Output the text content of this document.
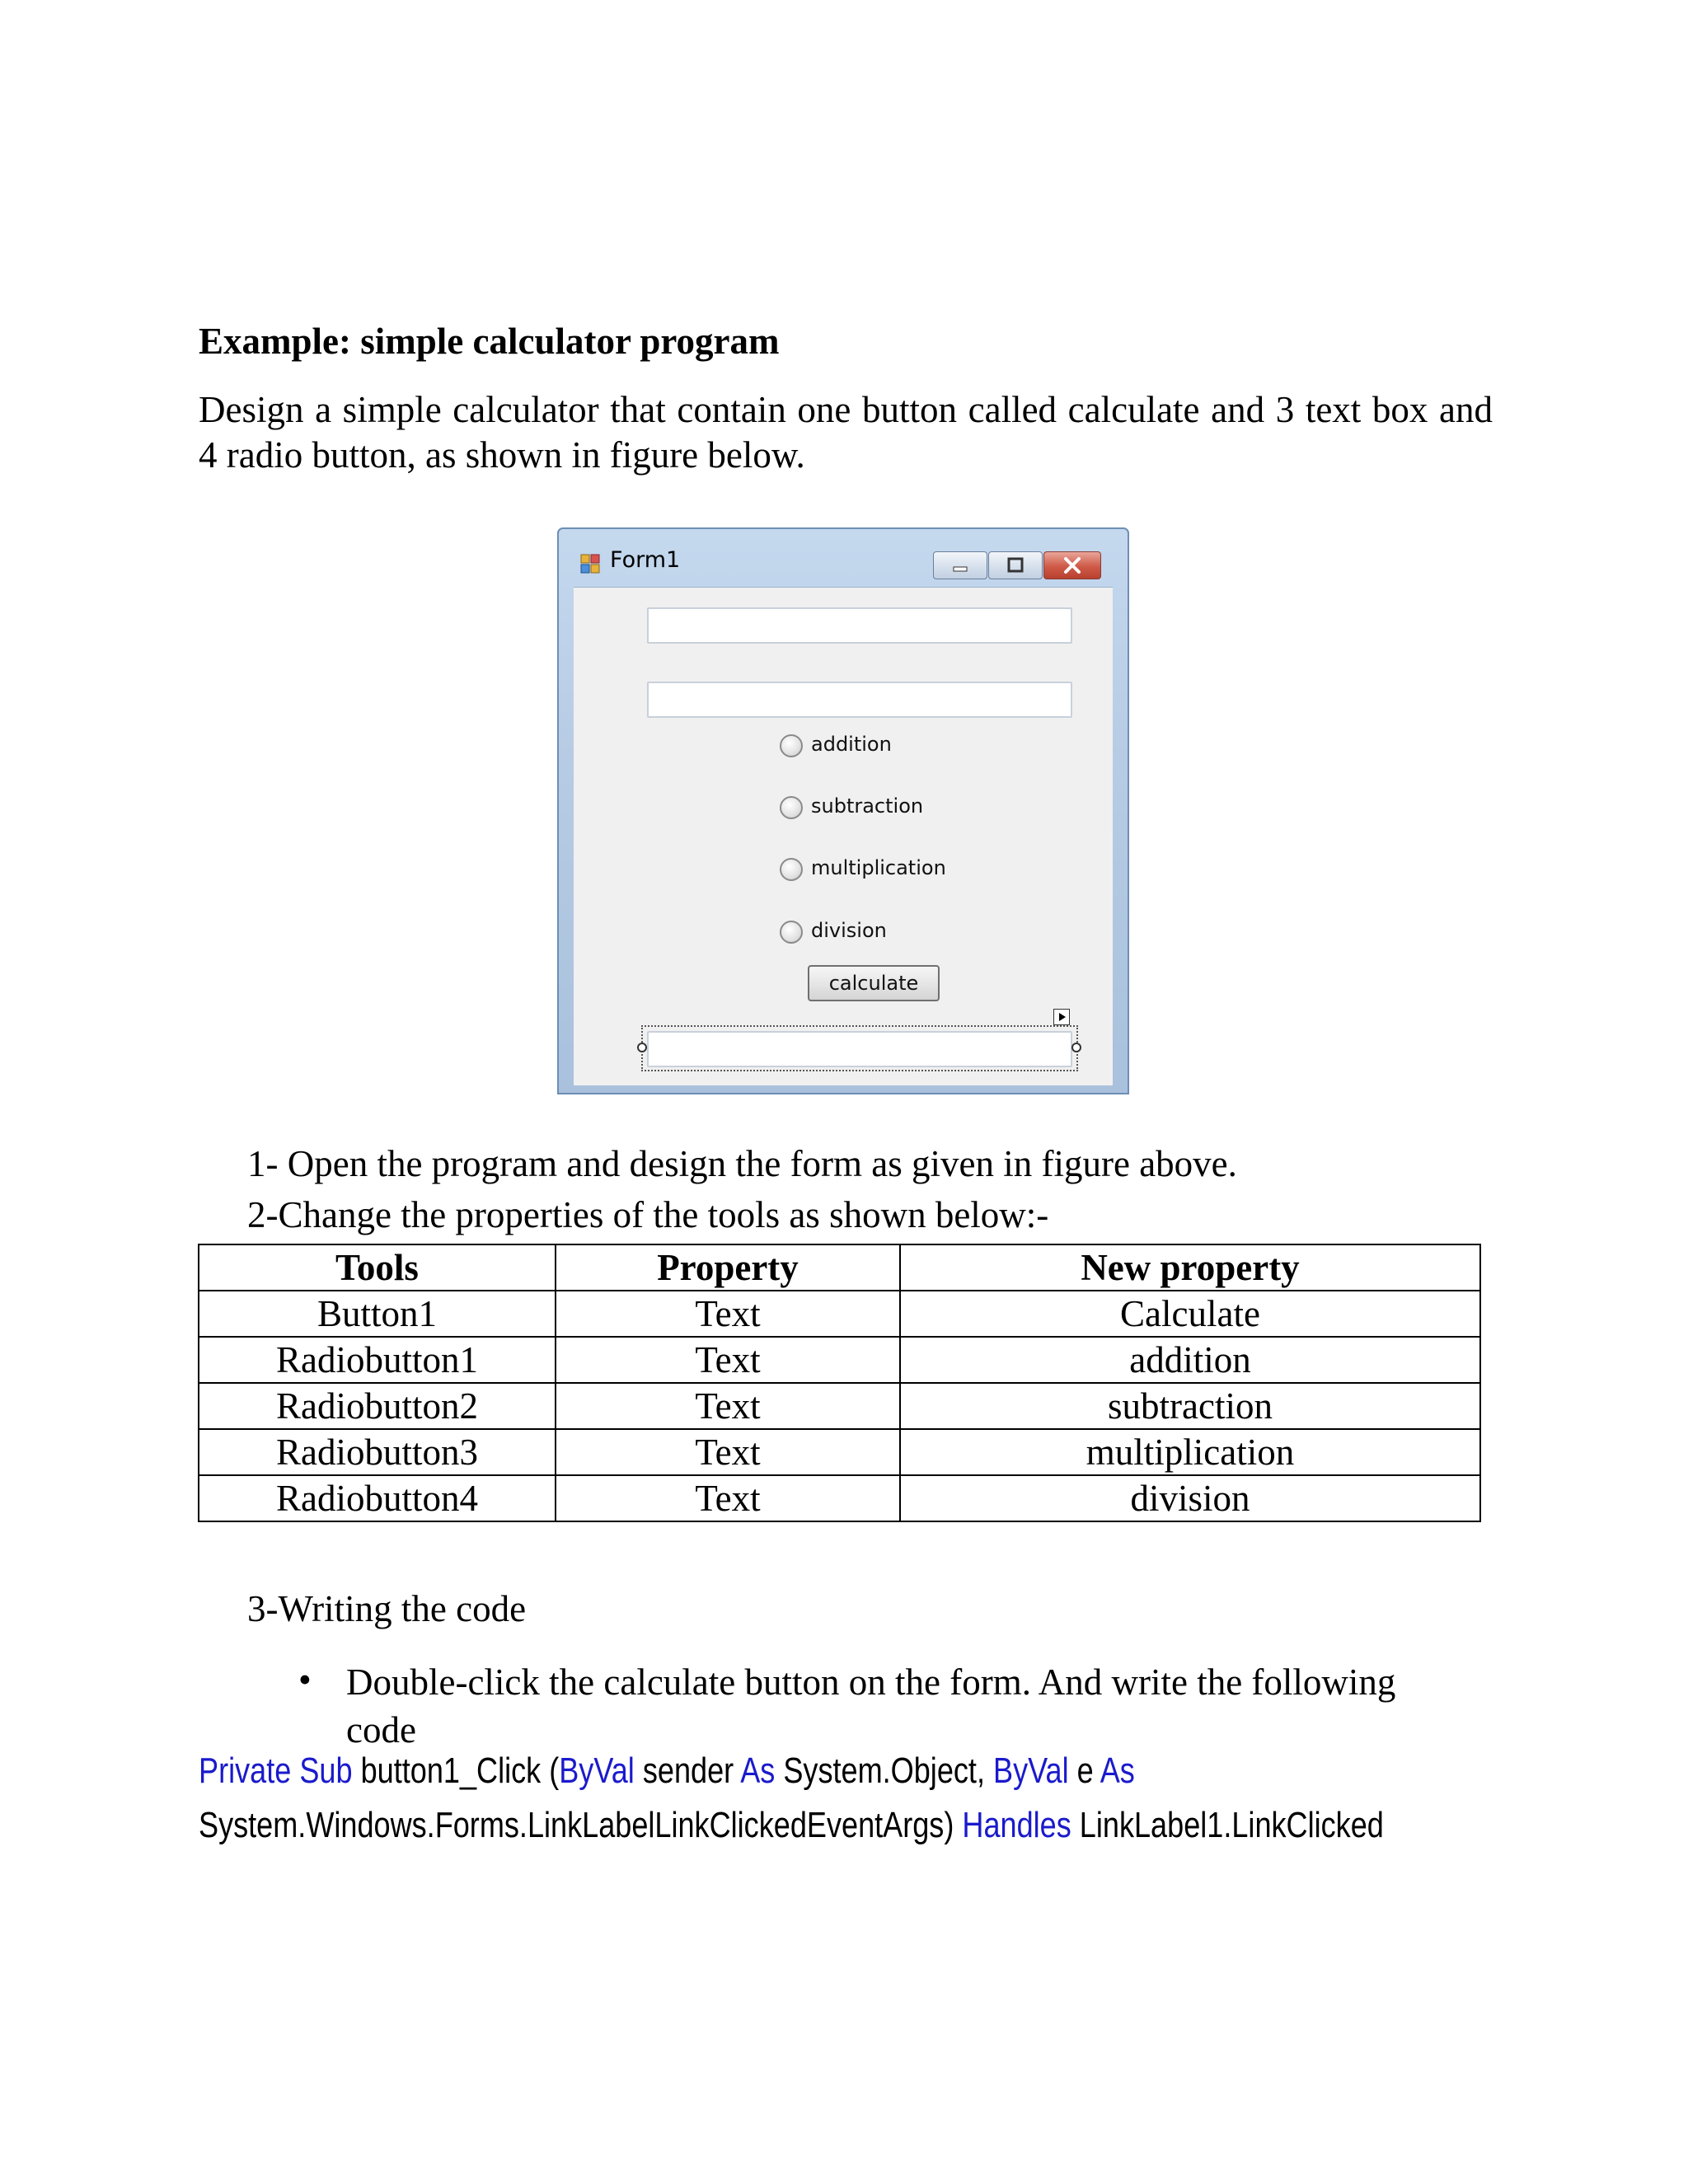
Example: simple calculator program
Design a simple calculator that contain one button called calculate and 3 text box and 4 radio button, as shown in figure below.
Form1
addition
subtraction
multiplication
division
calculate
1- Open the program and design the form as given in figure above.
2-Change the properties of the tools as shown below:-
Tools	Property	New property
Button1	Text	Calculate
Radiobutton1	Text	addition
Radiobutton2	Text	subtraction
Radiobutton3	Text	multiplication
Radiobutton4	Text	division
3-Writing the code
• Double-click the calculate button on the form. And write the following code
Private Sub button1_Click (ByVal sender As System.Object, ByVal e As
System.Windows.Forms.LinkLabelLinkClickedEventArgs) Handles LinkLabel1.LinkClicked
